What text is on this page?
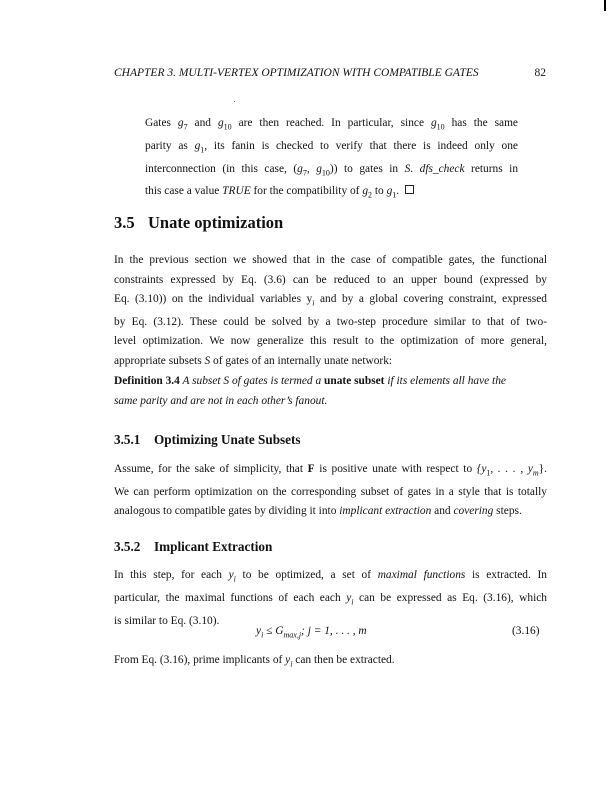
CHAPTER 3. MULTI-VERTEX OPTIMIZATION WITH COMPATIBLE GATES	82
Gates $g_7$ and $g_{10}$ are then reached. In particular, since $g_{10}$ has the same
parity as $g_1$, its fanin is checked to verify that there is indeed only one
interconnection (in this case, ($g_7$, $g_{10}$)) to gates in S. dfs_check returns in
this case a value TRUE for the compatibility of $g_2$ to $g_1$.
3.5 Unate optimization
In the previous section we showed that in the case of compatible gates, the functional
constraints expressed by Eq. (3.6) can be reduced to an upper bound (expressed by
Eq. (3.10)) on the individual variables $y_i$ and by a global covering constraint, expressed
by Eq. (3.12). These could be solved by a two-step procedure similar to that of two-
level optimization. We now generalize this result to the optimization of more general,
appropriate subsets S of gates of an internally unate network:
Definition 3.4 A subset S of gates is termed a unate subset if its elements all have the
same parity and are not in each other’s fanout.
3.5.1 Optimizing Unate Subsets
Assume, for the sake of simplicity, that F is positive unate with respect to {$y_1$, . . . , $y_m$}.
We can perform optimization on the corresponding subset of gates in a style that is totally
analogous to compatible gates by dividing it into implicant extraction and covering steps.
3.5.2 Implicant Extraction
In this step, for each $y_i$ to be optimized, a set of maximal functions is extracted. In
particular, the maximal functions of each each $y_i$ can be expressed as Eq. (3.16), which
is similar to Eq. (3.10).
$y_i \le G_{max,j}$; j = 1, . . . , m	(3.16)
From Eq. (3.16), prime implicants of $y_i$ can then be extracted.
